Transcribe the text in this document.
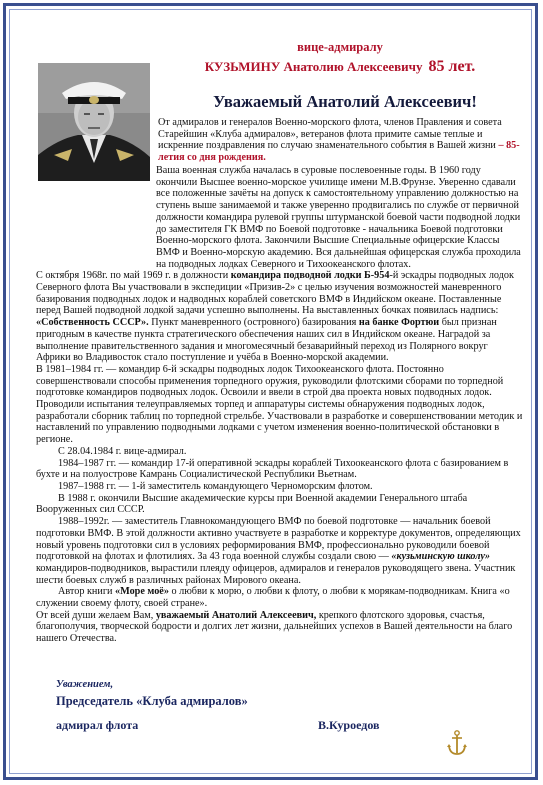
вице-адмиралу
КУЗЬМИНУ Анатолию Алексеевичу 85 лет.
Уважаемый Анатолий Алексеевич!
От адмиралов и генералов Военно-морского флота, членов Правления и совета Старейшин «Клуба адмиралов», ветеранов флота примите самые теплые и искренние поздравления по случаю знаменательного события в Вашей жизни – 85-летия со дня рождения.
Ваша военная служба началась в суровые послевоенные годы. В 1960 году окончили Высшее военно-морское училище имени М.В.Фрунзе. Уверенно сдавали все положенные зачёты на допуск к самостоятельному управлению должностью на ступень выше занимаемой и также уверенно продвигались по службе от первичной должности командира рулевой группы штурманской боевой части подводной лодки до заместителя ГК ВМФ по Боевой подготовке - начальника Боевой подготовки Военно-морского флота. Закончили Высшие Специальные офицерские Классы ВМФ и Военно-морскую академию. Вся дальнейшая офицерская служба проходила на подводных лодках Северного и Тихоокеанского флотах.
С октября 1968г. по май 1969 г. в должности командира подводной лодки Б-954-й эскадры подводных лодок Северного флота Вы участвовали в экспедиции «Призив-2» с целью изучения возможностей маневренного базирования подводных лодок и надводных кораблей советского ВМФ в Индийском океане. Поставленные перед Вашей подводной лодкой задачи успешно выполнены. На выставленных бочках появилась надпись: «Собственность СССР». Пункт маневренного (островного) базирования на банке Фортюи был признан пригодным в качестве пункта стратегического обеспечения наших сил в Индийском океане. Наградой за выполнение правительственного задания и многомесячный безаварийный переход из Полярного вокруг Африки во Владивосток стало поступление и учёба в Военно-морской академии.
В 1981–1984 гг. — командир 6-й эскадры подводных лодок Тихоокеанского флота. Постоянно совершенствовали способы применения торпедного оружия, руководили флотскими сборами по торпедной подготовке командиров подводных лодок. Освоили и ввели в строй два проекта новых подводных лодок. Проводили испытания телеуправляемых торпед и аппаратуры системы обнаружения подводных лодок, разработали сборник таблиц по торпедной стрельбе. Участвовали в разработке и совершенствовании методик и наставлений по управлению подводными лодками с учетом изменения военно-политической обстановки в регионе.
С 28.04.1984 г. вице-адмирал.
1984–1987 гг. — командир 17-й оперативной эскадры кораблей Тихоокеанского флота с базированием в бухте и на полуострове Камрань Социалистической Республики Вьетнам.
1987–1988 гг. — 1-й заместитель командующего Черноморским флотом.
В 1988 г. окончили Высшие академические курсы при Военной академии Генерального штаба Вооруженных сил СССР.
1988–1992г. — заместитель Главнокомандующего ВМФ по боевой подготовке — начальник боевой подготовки ВМФ. В этой должности активно участвуете в разработке и корректуре документов, определяющих новый уровень подготовки сил в условиях реформирования ВМФ, профессионально руководили боевой подготовкой на флотах и флотилиях. За 43 года военной службы создали свою — «кузьминскую школу» командиров-подводников, вырастили плеяду офицеров, адмиралов и генералов руководящего звена. Участник шести боевых служб в различных районах Мирового океана.
Автор книги «Море моё» о любви к морю, о любви к флоту, о любви к морякам-подводникам. Книга «о служении своему флоту, своей стране».
От всей души желаем Вам, уважаемый Анатолий Алексеевич, крепкого флотского здоровья, счастья, благополучия, творческой бодрости и долгих лет жизни, дальнейших успехов в Вашей деятельности на благо нашего Отечества.
Уважением,
Председатель «Клуба адмиралов»
адмирал флота	В.Куроедов
